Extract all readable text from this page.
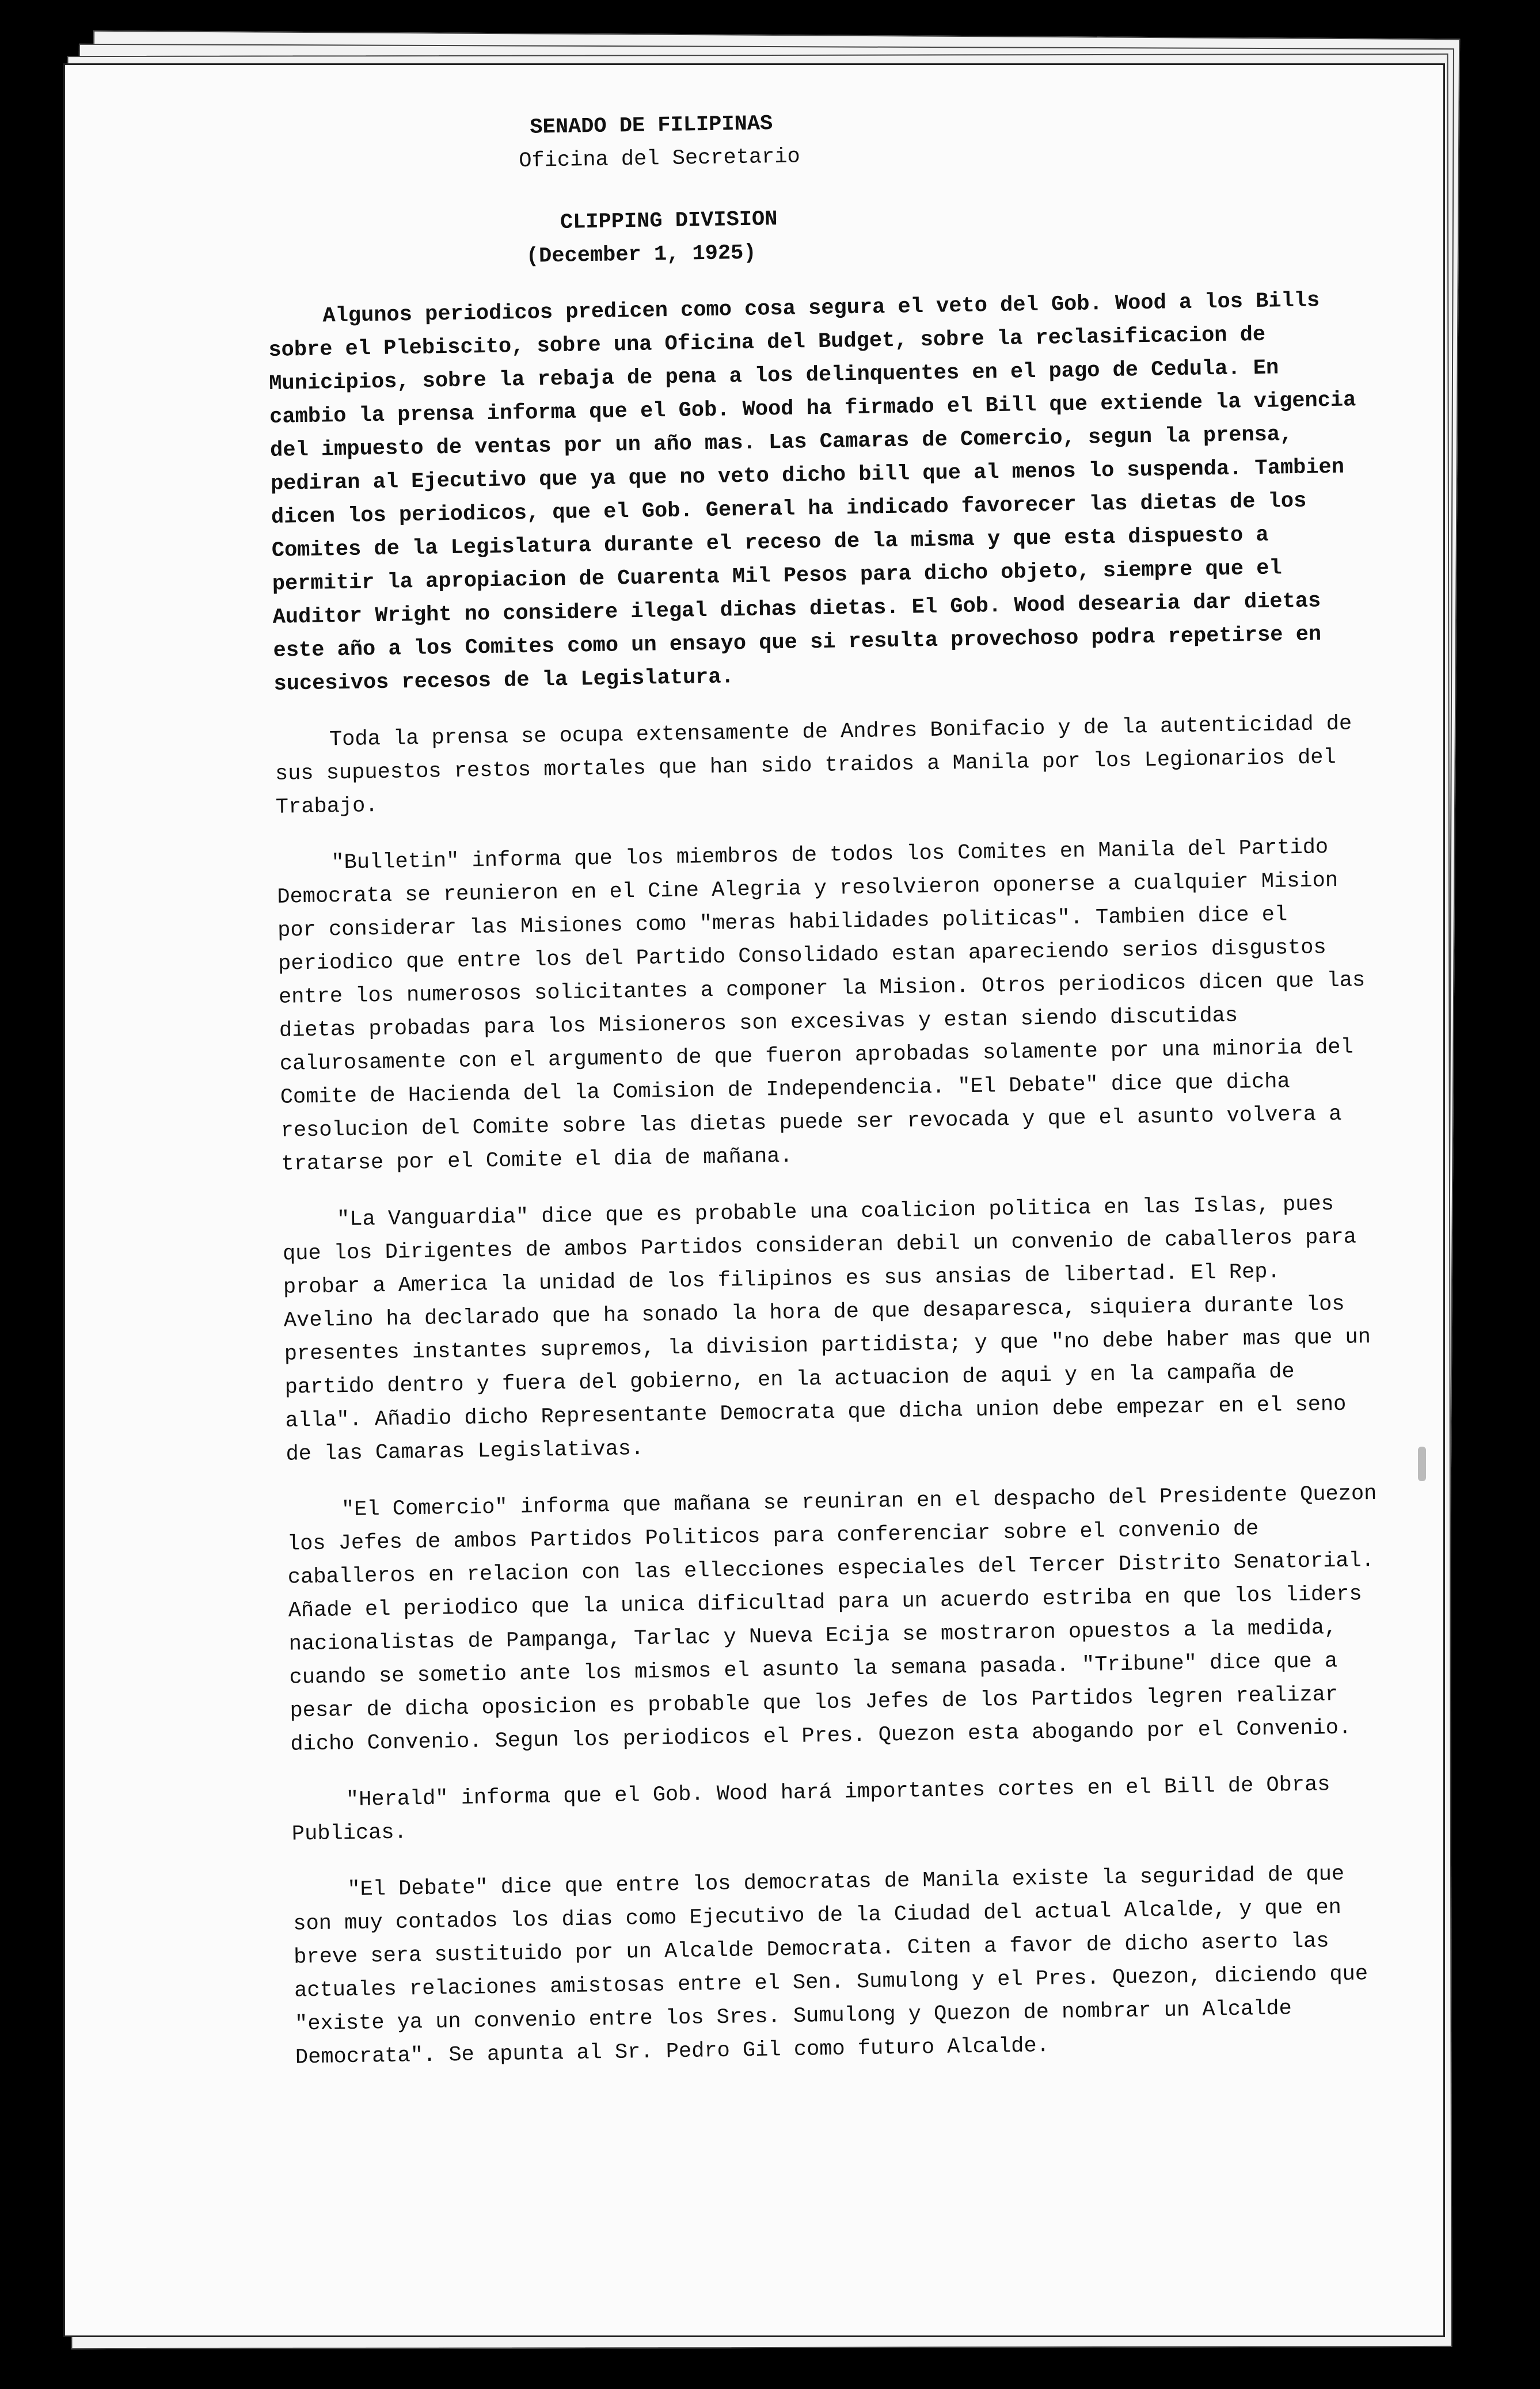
SENADO DE FILIPINAS
Oficina del Secretario
CLIPPING DIVISION
(December 1, 1925)

Algunos periodicos predicen como cosa segura el veto del Gob. Wood a los Bills sobre el Plebiscito, sobre una Oficina del Budget, sobre la reclasificacion de Municipios, sobre la rebaja de pena a los delinquentes en el pago de Cedula. En cambio la prensa informa que el Gob. Wood ha firmado el Bill que extiende la vigencia del impuesto de ventas por un año mas. Las Camaras de Comercio, segun la prensa, pediran al Ejecutivo que ya que no veto dicho bill que al menos lo suspenda. Tambien dicen los periodicos, que el Gob. General ha indicado favorecer las dietas de los Comites de la Legislatura durante el receso de la misma y que esta dispuesto a permitir la apropiacion de Cuarenta Mil Pesos para dicho objeto, siempre que el Auditor Wright no considere ilegal dichas dietas. El Gob. Wood desearia dar dietas este año a los Comites como un ensayo que si resulta provechoso podra repetirse en sucesivos recesos de la Legislatura.

Toda la prensa se ocupa extensamente de Andres Bonifacio y de la autenticidad de sus supuestos restos mortales que han sido traidos a Manila por los Legionarios del Trabajo.

"Bulletin" informa que los miembros de todos los Comites en Manila del Partido Democrata se reunieron en el Cine Alegria y resolvieron oponerse a cualquier Mision por considerar las Misiones como "meras habilidades politicas". Tambien dice el periodico que entre los del Partido Consolidado estan apareciendo serios disgustos entre los numerosos solicitantes a componer la Mision. Otros periodicos dicen que las dietas probadas para los Misioneros son excesivas y estan siendo discutidas calurosamente con el argumento de que fueron aprobadas solamente por una minoria del Comite de Hacienda del la Comision de Independencia. "El Debate" dice que dicha resolucion del Comite sobre las dietas puede ser revocada y que el asunto volvera a tratarse por el Comite el dia de mañana.

"La Vanguardia" dice que es probable una coalicion politica en las Islas, pues que los Dirigentes de ambos Partidos consideran debil un convenio de caballeros para probar a America la unidad de los filipinos es sus ansias de libertad. El Rep. Avelino ha declarado que ha sonado la hora de que desaparesca, siquiera durante los presentes instantes supremos, la division partidista; y que "no debe haber mas que un partido dentro y fuera del gobierno, en la actuacion de aqui y en la campaña de alla". Añadio dicho Representante Democrata que dicha union debe empezar en el seno de las Camaras Legislativas.

"El Comercio" informa que mañana se reuniran en el despacho del Presidente Quezon los Jefes de ambos Partidos Politicos para conferenciar sobre el convenio de caballeros en relacion con las ellecciones especiales del Tercer Distrito Senatorial. Añade el periodico que la unica dificultad para un acuerdo estriba en que los liders nacionalistas de Pampanga, Tarlac y Nueva Ecija se mostraron opuestos a la medida, cuando se sometio ante los mismos el asunto la semana pasada. "Tribune" dice que a pesar de dicha oposicion es probable que los Jefes de los Partidos legren realizar dicho Convenio. Segun los periodicos el Pres. Quezon esta abogando por el Convenio.

"Herald" informa que el Gob. Wood hará importantes cortes en el Bill de Obras Publicas.

"El Debate" dice que entre los democratas de Manila existe la seguridad de que son muy contados los dias como Ejecutivo de la Ciudad del actual Alcalde, y que en breve sera sustituido por un Alcalde Democrata. Citen a favor de dicho aserto las actuales relaciones amistosas entre el Sen. Sumulong y el Pres. Quezon, diciendo que "existe ya un convenio entre los Sres. Sumulong y Quezon de nombrar un Alcalde Democrata". Se apunta al Sr. Pedro Gil como futuro Alcalde.
